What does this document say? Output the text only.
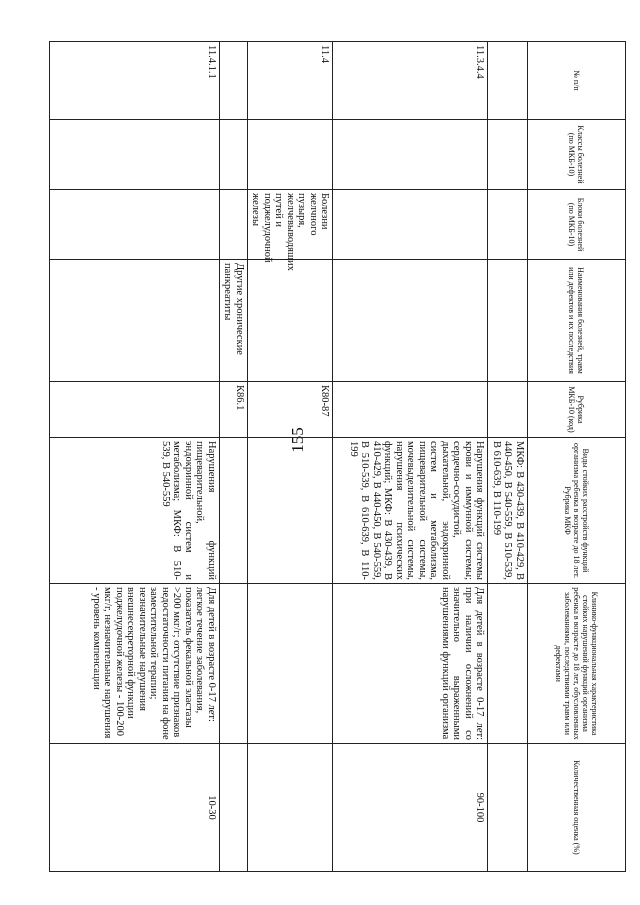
155
№ п/п	Классы болезней (по МКБ-10)	Блоки болезней (по МКБ-10)	Наименования болезней, травм или дефектов и их последствия	Рубрика МКБ-10 (код)	Виды стойких расстройств функций организма ребенка в возрасте до 18 лет. Рубрика МКФ	Клинико-функциональная характеристика стойких нарушений функций организма ребенка в возрасте до 18 лет, обусловленных заболеваниями, последствиями травм или дефектами	Количественная оценка (%)
					МКФ: В 430-439, В 410-429, В 440-450, В 540-559, В 510-539, В 610-639, В 110-199		
11.3.4.4					Нарушения функций системы крови и иммунной системы; сердечно-сосудистой, дыхательной, эндокринной систем и метаболизма, пищеварительной системы, мочевыделительной системы, нарушения психических функций; МКФ: В 430-439, В 410-429, В 440-450, В 540-559, В 510-539, В 610-639, В 110-199	Для детей в возрасте 0-17 лет: при наличии осложнений со значительно выраженными нарушениями функций организма	90-100
11.4		Болезни желчного пузыря, желчевыводящих путей и поджелудочной железы		К80-87			
			Другие хронические панкреатиты	К86.1			
11.4.1.1					Нарушения функций пищеварительной, эндокринной систем и метаболизма; МКФ: В 510-539, В 540-559	Для детей в возрасте 0-17 лет: легкое течение заболевания, показатель фекальной эластазы >200 мкг/г; отсутствие признаков недостаточности питания на фоне заместительной терапии; незначительные нарушения внешнесекреторной функции поджелудочной железы - 100-200 мкг/г, незначительные нарушения - уровень компенсации	10-30
